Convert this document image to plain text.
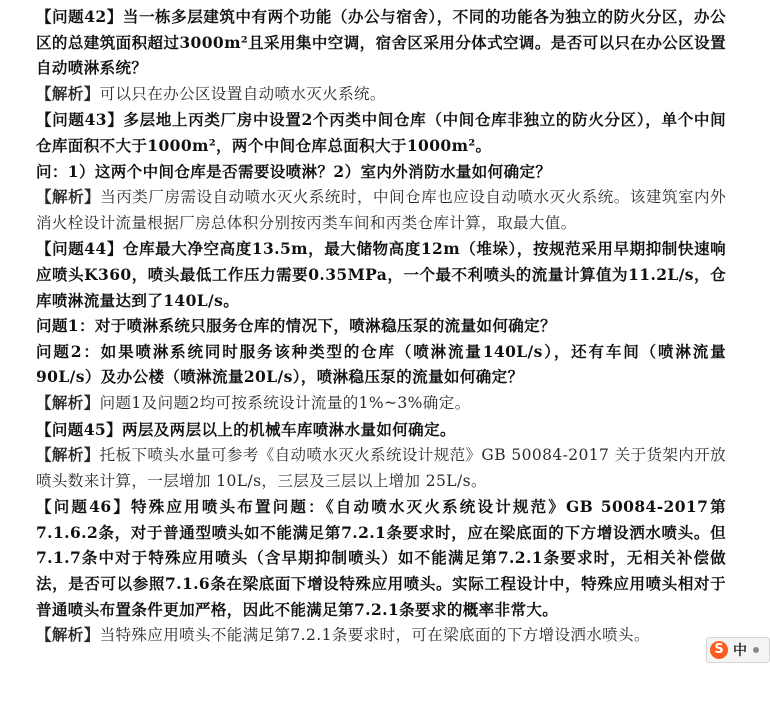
【问题42】当一栋多层建筑中有两个功能（办公与宿舍），不同的功能各为独立的防火分区，办公区的总建筑面积超过3000m²且采用集中空调，宿舍区采用分体式空调。是否可以只在办公区设置自动喷淋系统？

【解析】可以只在办公区设置自动喷水灭火系统。

【问题43】多层地上丙类厂房中设置2个丙类中间仓库（中间仓库非独立的防火分区），单个中间仓库面积不大于1000m²，两个中间仓库总面积大于1000m²。

问：1）这两个中间仓库是否需要设喷淋？2）室内外消防水量如何确定？

【解析】当丙类厂房需设自动喷水灭火系统时，中间仓库也应设自动喷水灭火系统。该建筑室内外消火栓设计流量根据厂房总体积分别按丙类车间和丙类仓库计算，取最大值。

【问题44】仓库最大净空高度13.5m，最大储物高度12m（堆垛），按规范采用早期抑制快速响应喷头K360，喷头最低工作压力需要0.35MPa，一个最不利喷头的流量计算值为11.2L/s，仓库喷淋流量达到了140L/s。

问题1：对于喷淋系统只服务仓库的情况下，喷淋稳压泵的流量如何确定？

问题2：如果喷淋系统同时服务该种类型的仓库（喷淋流量140L/s），还有车间（喷淋流量90L/s）及办公楼（喷淋流量20L/s），喷淋稳压泵的流量如何确定？

【解析】问题1及问题2均可按系统设计流量的1%~3%确定。

【问题45】两层及两层以上的机械车库喷淋水量如何确定。

【解析】托板下喷头水量可参考《自动喷水灭火系统设计规范》GB 50084-2017 关于货架内开放喷头数来计算，一层增加 10L/s，三层及三层以上增加 25L/s。

【问题46】特殊应用喷头布置问题：《自动喷水灭火系统设计规范》GB 50084-2017第7.1.6.2条，对于普通型喷头如不能满足第7.2.1条要求时，应在梁底面的下方增设洒水喷头。但7.1.7条中对于特殊应用喷头（含早期抑制喷头）如不能满足第7.2.1条要求时，无相关补偿做法，是否可以参照7.1.6条在梁底面下增设特殊应用喷头。实际工程设计中，特殊应用喷头相对于普通喷头布置条件更加严格，因此不能满足第7.2.1条要求的概率非常大。

【解析】当特殊应用喷头不能满足第7.2.1条要求时，可在梁底面的下方增设洒水喷头。

S 中
